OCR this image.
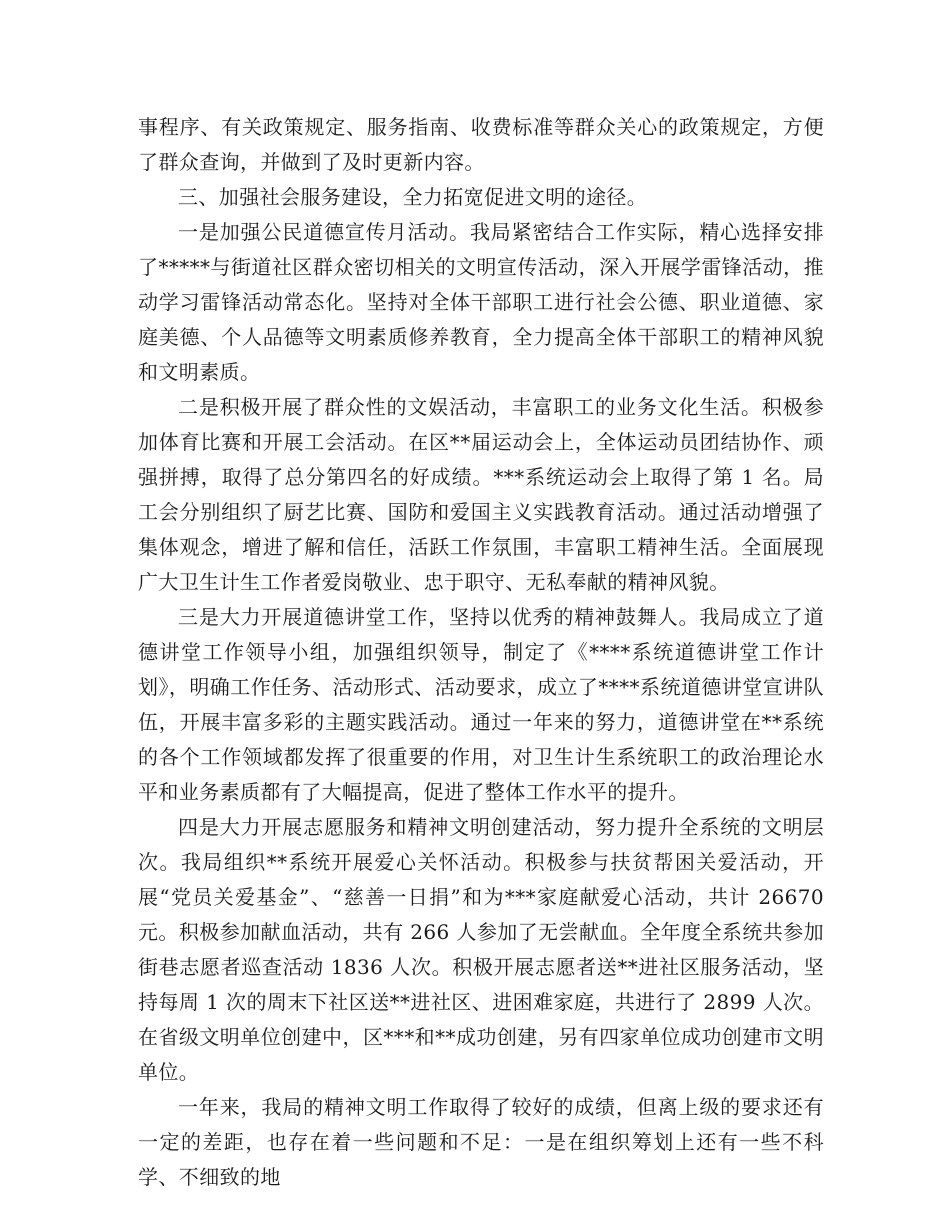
事程序、有关政策规定、服务指南、收费标准等群众关心的政策规定，方便了群众查询，并做到了及时更新内容。

三、加强社会服务建设，全力拓宽促进文明的途径。

一是加强公民道德宣传月活动。我局紧密结合工作实际，精心选择安排了*****与街道社区群众密切相关的文明宣传活动，深入开展学雷锋活动，推动学习雷锋活动常态化。坚持对全体干部职工进行社会公德、职业道德、家庭美德、个人品德等文明素质修养教育，全力提高全体干部职工的精神风貌和文明素质。

二是积极开展了群众性的文娱活动，丰富职工的业务文化生活。积极参加体育比赛和开展工会活动。在区**届运动会上，全体运动员团结协作、顽强拼搏，取得了总分第四名的好成绩。***系统运动会上取得了第 1 名。局工会分别组织了厨艺比赛、国防和爱国主义实践教育活动。通过活动增强了集体观念，增进了解和信任，活跃工作氛围，丰富职工精神生活。全面展现广大卫生计生工作者爱岗敬业、忠于职守、无私奉献的精神风貌。

三是大力开展道德讲堂工作，坚持以优秀的精神鼓舞人。我局成立了道德讲堂工作领导小组，加强组织领导，制定了《****系统道德讲堂工作计划》，明确工作任务、活动形式、活动要求，成立了****系统道德讲堂宣讲队伍，开展丰富多彩的主题实践活动。通过一年来的努力，道德讲堂在**系统的各个工作领域都发挥了很重要的作用，对卫生计生系统职工的政治理论水平和业务素质都有了大幅提高，促进了整体工作水平的提升。

四是大力开展志愿服务和精神文明创建活动，努力提升全系统的文明层次。我局组织**系统开展爱心关怀活动。积极参与扶贫帮困关爱活动，开展“党员关爱基金”、“慈善一日捐”和为***家庭献爱心活动，共计 26670 元。积极参加献血活动，共有 266 人参加了无尝献血。全年度全系统共参加街巷志愿者巡查活动 1836 人次。积极开展志愿者送**进社区服务活动，坚持每周 1 次的周末下社区送**进社区、进困难家庭，共进行了 2899 人次。在省级文明单位创建中，区***和**成功创建，另有四家单位成功创建市文明单位。

一年来，我局的精神文明工作取得了较好的成绩，但离上级的要求还有一定的差距，也存在着一些问题和不足：一是在组织筹划上还有一些不科学、不细致的地
